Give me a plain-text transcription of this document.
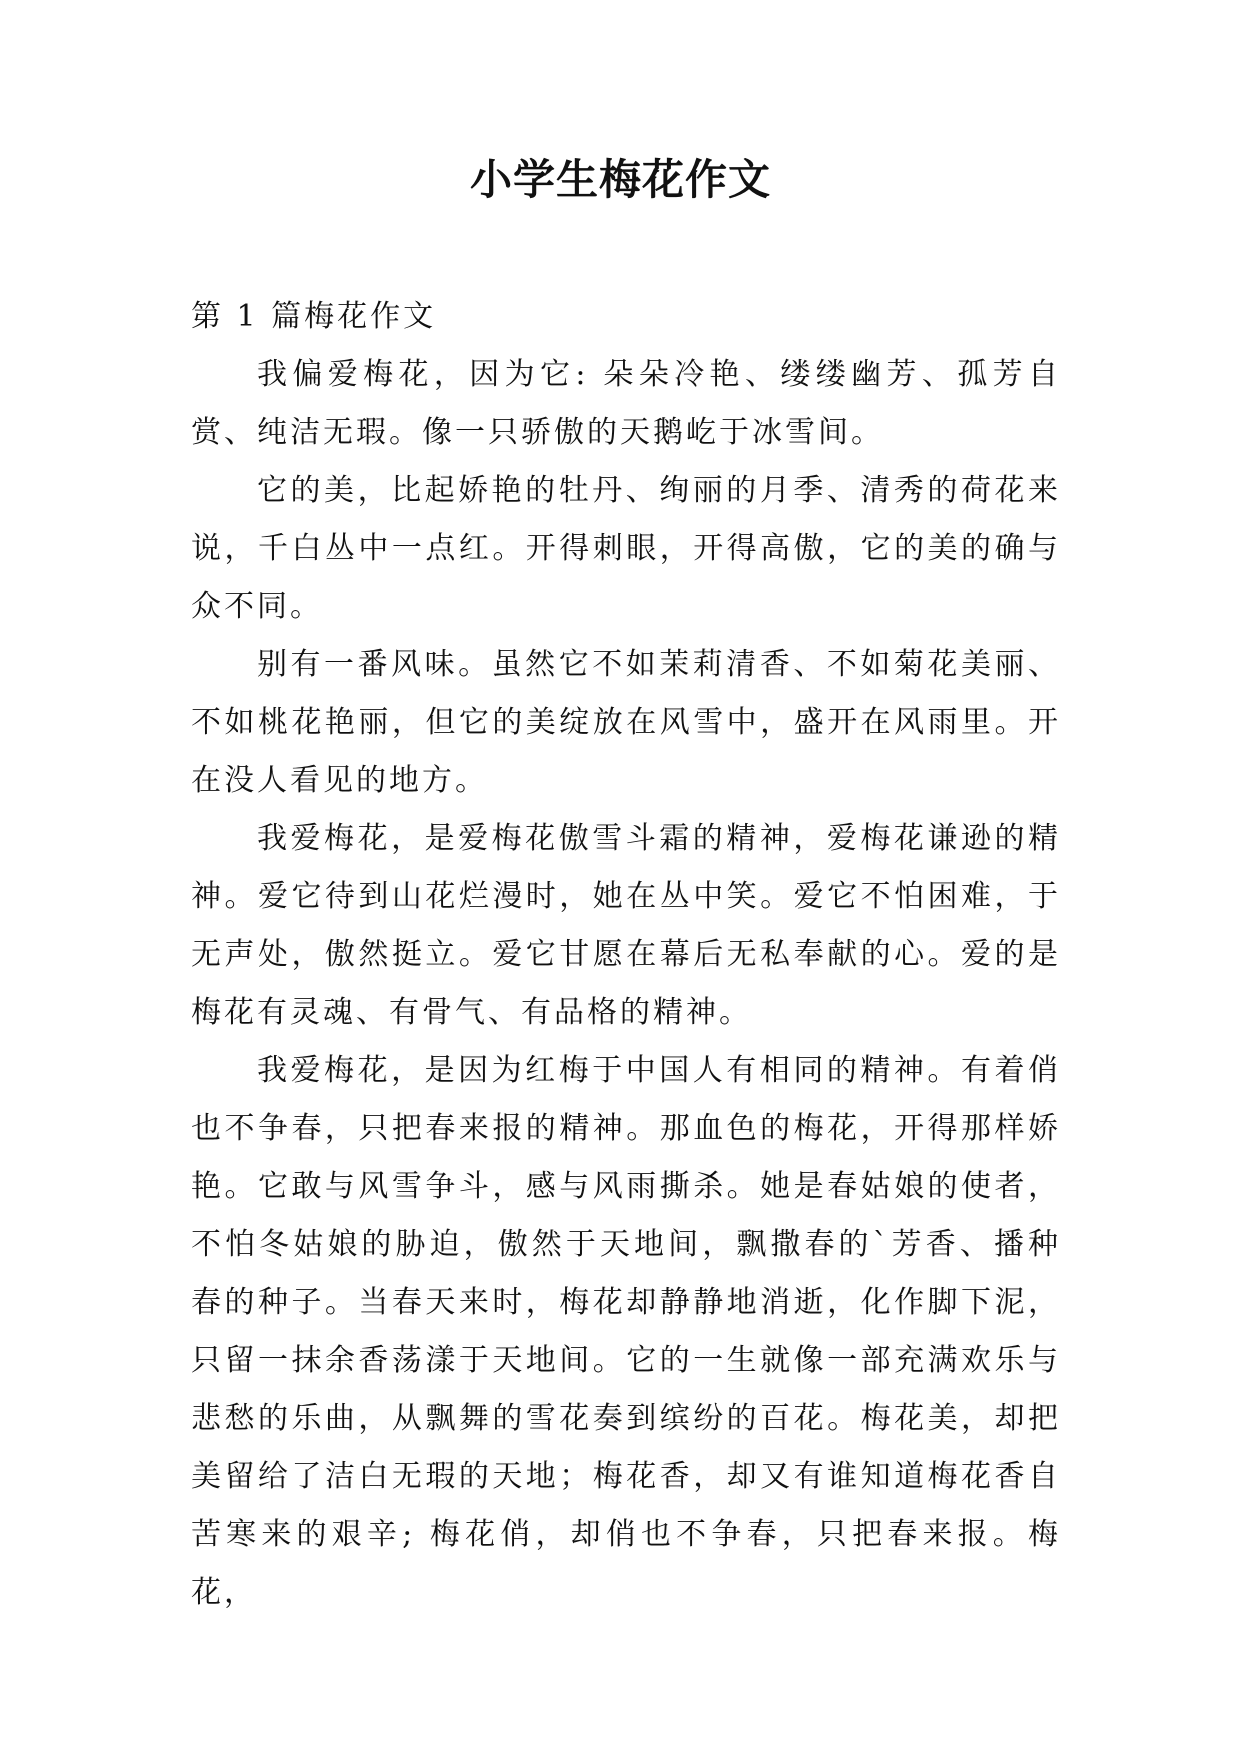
小学生梅花作文

第 1 篇梅花作文

我偏爱梅花，因为它: 朵朵冷艳、缕缕幽芳、孤芳自赏、纯洁无瑕。像一只骄傲的天鹅屹于冰雪间。

它的美，比起娇艳的牡丹、绚丽的月季、清秀的荷花来说，千白丛中一点红。开得刺眼，开得高傲，它的美的确与众不同。

别有一番风味。虽然它不如茉莉清香、不如菊花美丽、不如桃花艳丽，但它的美绽放在风雪中，盛开在风雨里。开在没人看见的地方。

我爱梅花，是爱梅花傲雪斗霜的精神，爱梅花谦逊的精神。爱它待到山花烂漫时，她在丛中笑。爱它不怕困难，于无声处，傲然挺立。爱它甘愿在幕后无私奉献的心。爱的是梅花有灵魂、有骨气、有品格的精神。

我爱梅花，是因为红梅于中国人有相同的精神。有着俏也不争春，只把春来报的精神。那血色的梅花，开得那样娇艳。它敢与风雪争斗，感与风雨撕杀。她是春姑娘的使者，不怕冬姑娘的胁迫，傲然于天地间，飘撒春的`芳香、播种春的种子。当春天来时，梅花却静静地消逝，化作脚下泥，只留一抹余香荡漾于天地间。它的一生就像一部充满欢乐与悲愁的乐曲，从飘舞的雪花奏到缤纷的百花。梅花美，却把美留给了洁白无瑕的天地；梅花香，却又有谁知道梅花香自苦寒来的艰辛; 梅花俏，却俏也不争春，只把春来报。梅花，
